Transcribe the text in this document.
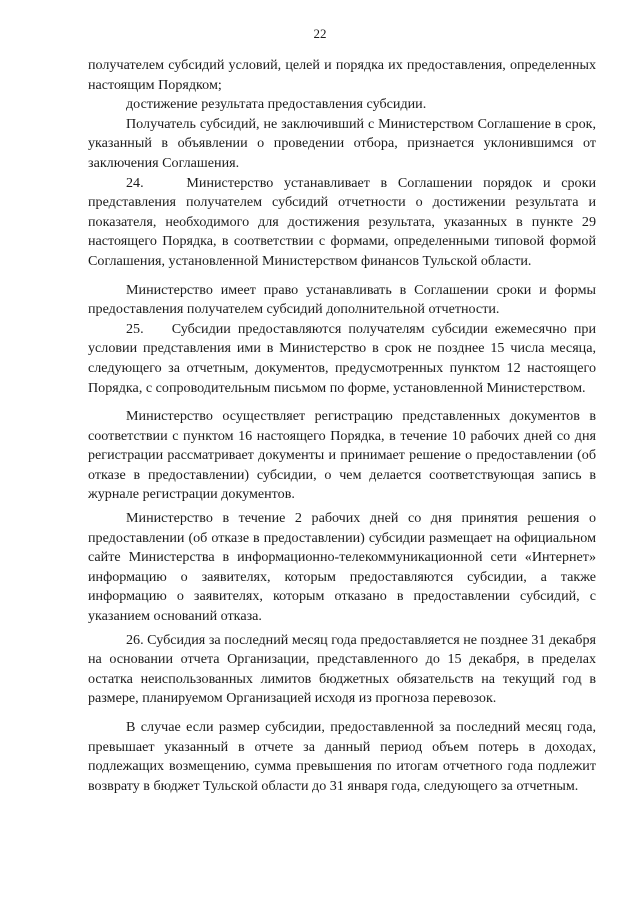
22

получателем субсидий условий, целей и порядка их предоставления, определенных настоящим Порядком;

достижение результата предоставления субсидии.

Получатель субсидий, не заключивший с Министерством Соглашение в срок, указанный в объявлении о проведении отбора, признается уклонившимся от заключения Соглашения.

24.    Министерство устанавливает в Соглашении порядок и сроки представления получателем субсидий отчетности о достижении результата и показателя, необходимого для достижения результата, указанных в пункте 29 настоящего Порядка, в соответствии с формами, определенными типовой формой Соглашения, установленной Министерством финансов Тульской области.

Министерство имеет право устанавливать в Соглашении сроки и формы предоставления получателем субсидий дополнительной отчетности.

25.    Субсидии предоставляются получателям субсидии ежемесячно при условии представления ими в Министерство в срок не позднее 15 числа месяца, следующего за отчетным, документов, предусмотренных пунктом 12 настоящего Порядка, с сопроводительным письмом по форме, установленной Министерством.

Министерство осуществляет регистрацию представленных документов в соответствии с пунктом 16 настоящего Порядка, в течение 10 рабочих дней со дня регистрации рассматривает документы и принимает решение о предоставлении (об отказе в предоставлении) субсидии, о чем делается соответствующая запись в журнале регистрации документов.

Министерство в течение 2 рабочих дней со дня принятия решения о предоставлении (об отказе в предоставлении) субсидии размещает на официальном сайте Министерства в информационно-телекоммуникационной сети «Интернет» информацию о заявителях, которым предоставляются субсидии, а также информацию о заявителях, которым отказано в предоставлении субсидий, с указанием оснований отказа.

26. Субсидия за последний месяц года предоставляется не позднее 31 декабря на основании отчета Организации, представленного до 15 декабря, в пределах остатка неиспользованных лимитов бюджетных обязательств на текущий год в размере, планируемом Организацией исходя из прогноза перевозок.

В случае если размер субсидии, предоставленной за последний месяц года, превышает указанный в отчете за данный период объем потерь в доходах, подлежащих возмещению, сумма превышения по итогам отчетного года подлежит возврату в бюджет Тульской области до 31 января года, следующего за отчетным.
